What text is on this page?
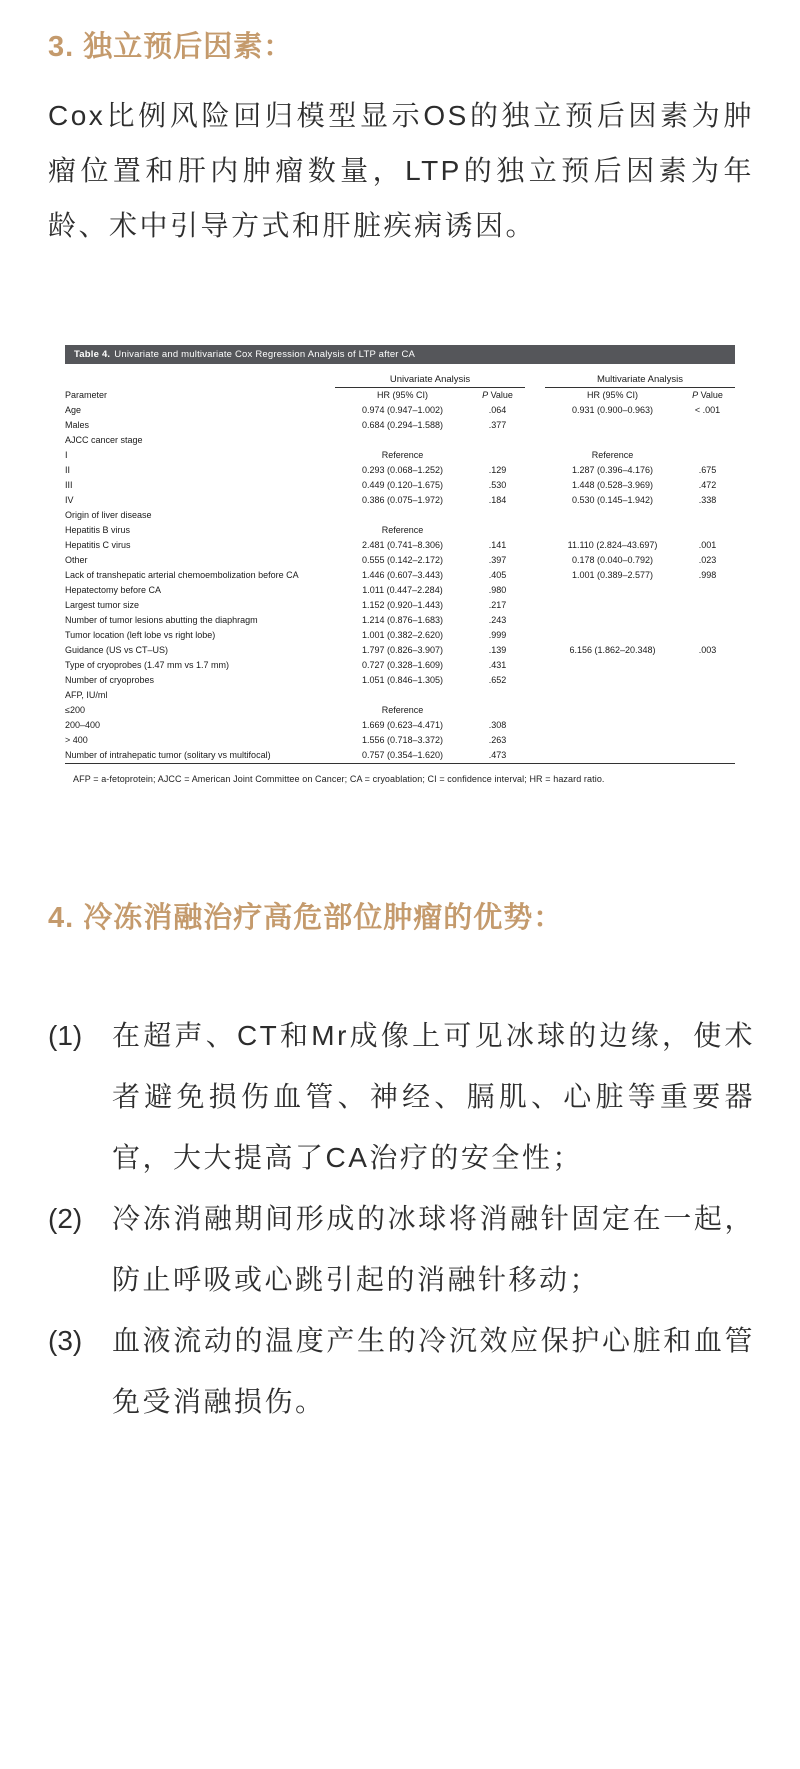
3. 独立预后因素：

Cox比例风险回归模型显示OS的独立预后因素为肿瘤位置和肝内肿瘤数量，LTP的独立预后因素为年龄、术中引导方式和肝脏疾病诱因。

Table 4. Univariate and multivariate Cox Regression Analysis of LTP after CA
Parameter	Univariate Analysis			Multivariate Analysis	
	HR (95% CI)	P Value		HR (95% CI)	P Value
Age	0.974 (0.947–1.002)	.064		0.931 (0.900–0.963)	< .001
Males	0.684 (0.294–1.588)	.377			
AJCC cancer stage					
I	Reference			Reference	
II	0.293 (0.068–1.252)	.129		1.287 (0.396–4.176)	.675
III	0.449 (0.120–1.675)	.530		1.448 (0.528–3.969)	.472
IV	0.386 (0.075–1.972)	.184		0.530 (0.145–1.942)	.338
Origin of liver disease					
Hepatitis B virus	Reference				
Hepatitis C virus	2.481 (0.741–8.306)	.141		11.110 (2.824–43.697)	.001
Other	0.555 (0.142–2.172)	.397		0.178 (0.040–0.792)	.023
Lack of transhepatic arterial chemoembolization before CA	1.446 (0.607–3.443)	.405		1.001 (0.389–2.577)	.998
Hepatectomy before CA	1.011 (0.447–2.284)	.980			
Largest tumor size	1.152 (0.920–1.443)	.217			
Number of tumor lesions abutting the diaphragm	1.214 (0.876–1.683)	.243			
Tumor location (left lobe vs right lobe)	1.001 (0.382–2.620)	.999			
Guidance (US vs CT–US)	1.797 (0.826–3.907)	.139		6.156 (1.862–20.348)	.003
Type of cryoprobes (1.47 mm vs 1.7 mm)	0.727 (0.328–1.609)	.431			
Number of cryoprobes	1.051 (0.846–1.305)	.652			
AFP, IU/ml					
≤200	Reference				
200–400	1.669 (0.623–4.471)	.308			
> 400	1.556 (0.718–3.372)	.263			
Number of intrahepatic tumor (solitary vs multifocal)	0.757 (0.354–1.620)	.473			

AFP = a-fetoprotein; AJCC = American Joint Committee on Cancer; CA = cryoablation; CI = confidence interval; HR = hazard ratio.

4. 冷冻消融治疗高危部位肿瘤的优势：
(1)	在超声、CT和Mr成像上可见冰球的边缘，使术者避免损伤血管、神经、膈肌、心脏等重要器官，大大提高了CA治疗的安全性；
(2)	冷冻消融期间形成的冰球将消融针固定在一起，防止呼吸或心跳引起的消融针移动；
(3)	血液流动的温度产生的冷沉效应保护心脏和血管免受消融损伤。
